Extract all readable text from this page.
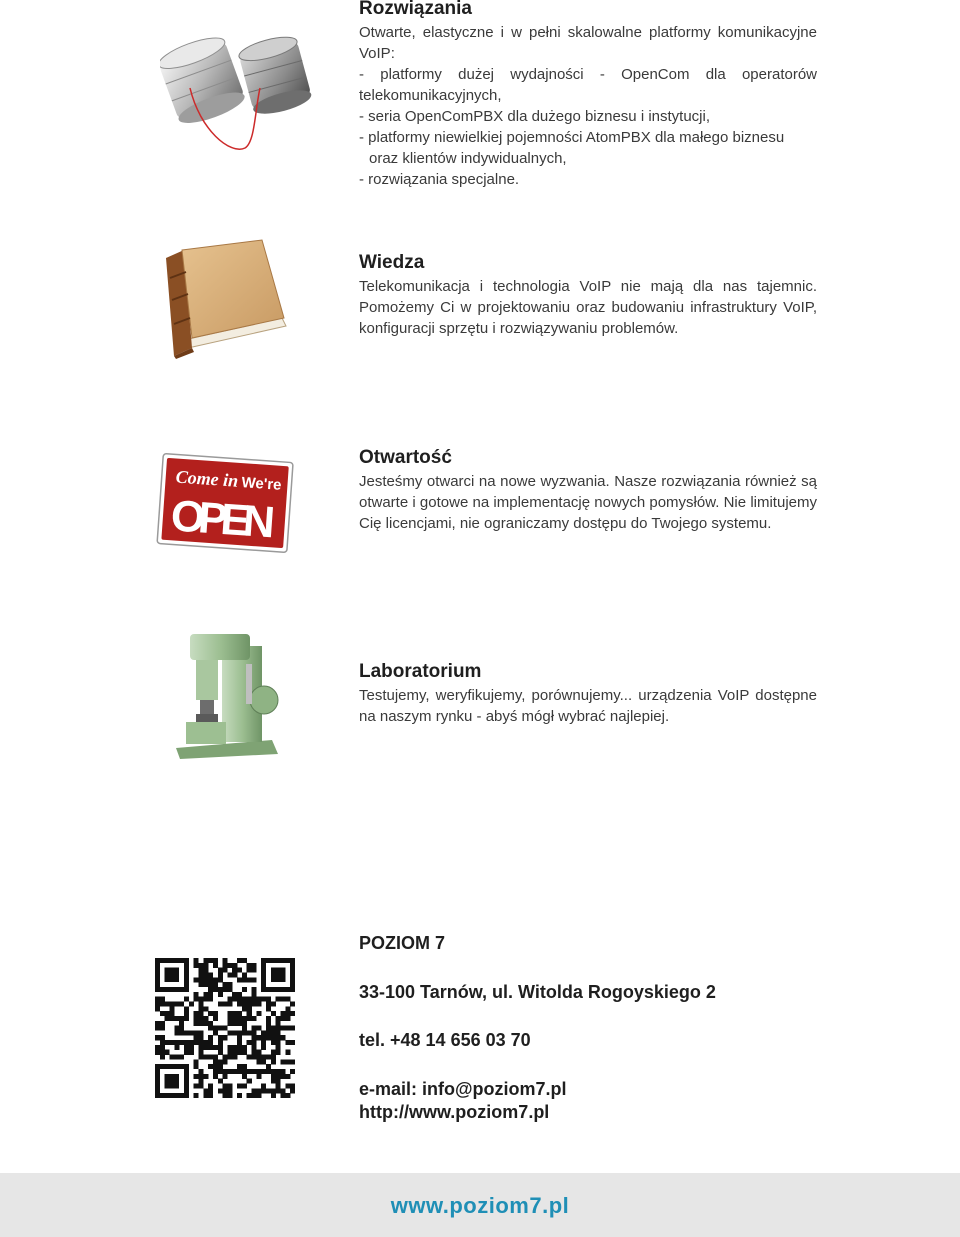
Rozwiązania

Otwarte, elastyczne i w pełni skalowalne platformy komunikacyjne VoIP:

- platformy dużej wydajności - OpenCom dla operatorów telekomunikacyjnych,
- seria OpenComPBX dla dużego biznesu i instytucji,
- platformy niewielkiej pojemności AtomPBX dla małego biznesu
oraz klientów indywidualnych,
- rozwiązania specjalne.
Wiedza

Telekomunikacja i technologia VoIP nie mają dla nas tajemnic. Pomożemy Ci w projektowaniu oraz budowaniu infrastruktury VoIP, konfiguracji sprzętu i rozwiązywaniu problemów.

Come in We're
OPEN
Otwartość

Jesteśmy otwarci na nowe wyzwania. Nasze rozwiązania również są otwarte i gotowe na implementację nowych pomysłów. Nie limitujemy Cię licencjami, nie ograniczamy dostępu do Twojego systemu.

Laboratorium

Testujemy, weryfikujemy, porównujemy... urządzenia VoIP dostępne na naszym rynku - abyś mógł wybrać najlepiej.

POZIOM 7
33-100 Tarnów, ul. Witolda Rogoyskiego 2
tel. +48 14 656 03 70
e-mail: info@poziom7.pl
http://www.poziom7.pl
www.poziom7.pl
